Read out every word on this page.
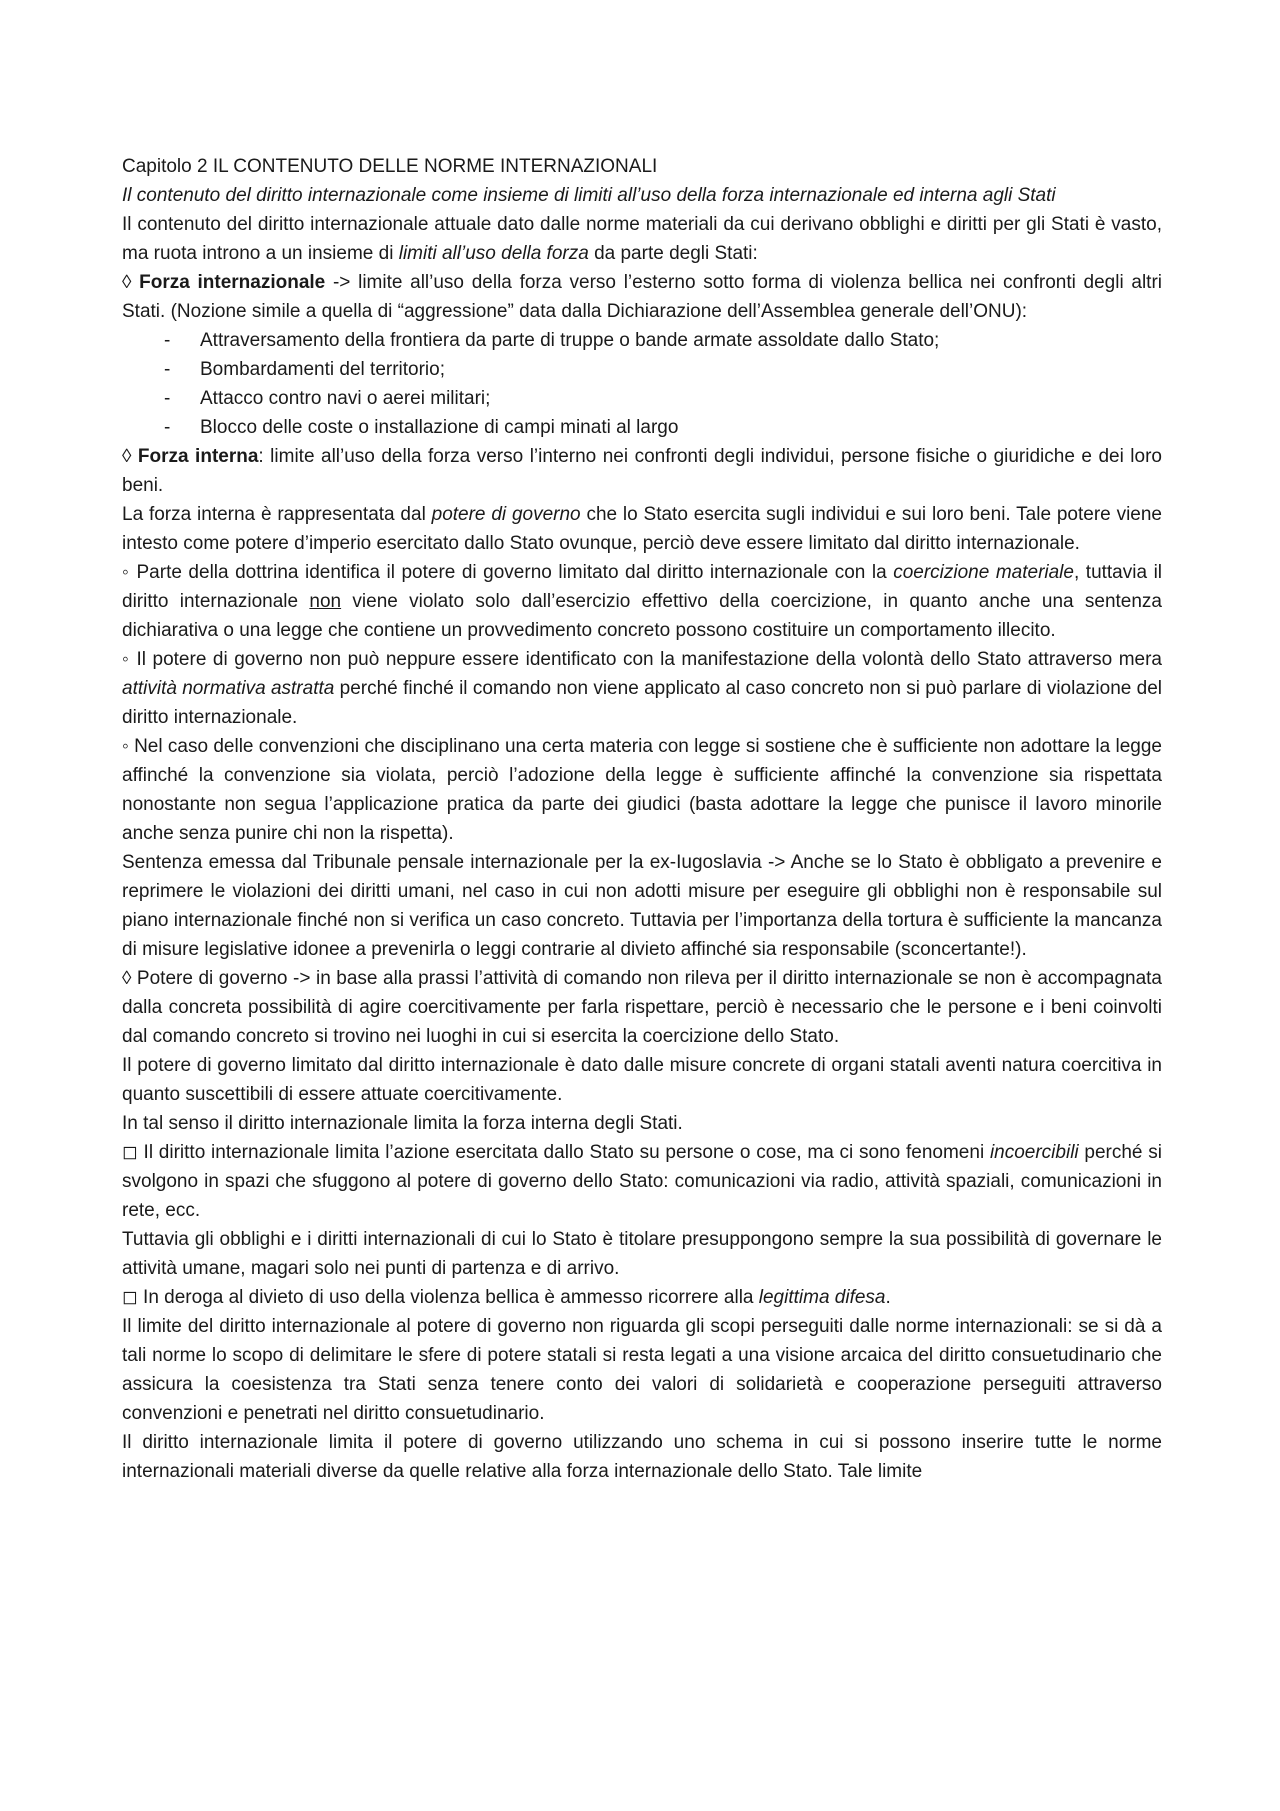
Capitolo 2 IL CONTENUTO DELLE NORME INTERNAZIONALI

Il contenuto del diritto internazionale come insieme di limiti all’uso della forza internazionale ed interna agli Stati

Il contenuto del diritto internazionale attuale dato dalle norme materiali da cui derivano obblighi e diritti per gli Stati è vasto, ma ruota introno a un insieme di limiti all’uso della forza da parte degli Stati:

◊ Forza internazionale -> limite all’uso della forza verso l’esterno sotto forma di violenza bellica nei confronti degli altri Stati. (Nozione simile a quella di “aggressione” data dalla Dichiarazione dell’Assemblea generale dell’ONU):

- Attraversamento della frontiera da parte di truppe o bande armate assoldate dallo Stato;
- Bombardamenti del territorio;
- Attacco contro navi o aerei militari;
- Blocco delle coste o installazione di campi minati al largo

◊ Forza interna: limite all’uso della forza verso l’interno nei confronti degli individui, persone fisiche o giuridiche e dei loro beni.

La forza interna è rappresentata dal potere di governo che lo Stato esercita sugli individui e sui loro beni. Tale potere viene intesto come potere d’imperio esercitato dallo Stato ovunque, perciò deve essere limitato dal diritto internazionale.

◦ Parte della dottrina identifica il potere di governo limitato dal diritto internazionale con la coercizione materiale, tuttavia il diritto internazionale non viene violato solo dall’esercizio effettivo della coercizione, in quanto anche una sentenza dichiarativa o una legge che contiene un provvedimento concreto possono costituire un comportamento illecito.

◦ Il potere di governo non può neppure essere identificato con la manifestazione della volontà dello Stato attraverso mera attività normativa astratta perché finché il comando non viene applicato al caso concreto non si può parlare di violazione del diritto internazionale.

◦ Nel caso delle convenzioni che disciplinano una certa materia con legge si sostiene che è sufficiente non adottare la legge affinché la convenzione sia violata, perciò l’adozione della legge è sufficiente affinché la convenzione sia rispettata nonostante non segua l’applicazione pratica da parte dei giudici (basta adottare la legge che punisce il lavoro minorile anche senza punire chi non la rispetta).

Sentenza emessa dal Tribunale pensale internazionale per la ex-Iugoslavia -> Anche se lo Stato è obbligato a prevenire e reprimere le violazioni dei diritti umani, nel caso in cui non adotti misure per eseguire gli obblighi non è responsabile sul piano internazionale finché non si verifica un caso concreto. Tuttavia per l’importanza della tortura è sufficiente la mancanza di misure legislative idonee a prevenirla o leggi contrarie al divieto affinché sia responsabile (sconcertante!).

◊ Potere di governo -> in base alla prassi l’attività di comando non rileva per il diritto internazionale se non è accompagnata dalla concreta possibilità di agire coercitivamente per farla rispettare, perciò è necessario che le persone e i beni coinvolti dal comando concreto si trovino nei luoghi in cui si esercita la coercizione dello Stato.

Il potere di governo limitato dal diritto internazionale è dato dalle misure concrete di organi statali aventi natura coercitiva in quanto suscettibili di essere attuate coercitivamente.

In tal senso il diritto internazionale limita la forza interna degli Stati.

◻ Il diritto internazionale limita l’azione esercitata dallo Stato su persone o cose, ma ci sono fenomeni incoercibili perché si svolgono in spazi che sfuggono al potere di governo dello Stato: comunicazioni via radio, attività spaziali, comunicazioni in rete, ecc.

Tuttavia gli obblighi e i diritti internazionali di cui lo Stato è titolare presuppongono sempre la sua possibilità di governare le attività umane, magari solo nei punti di partenza e di arrivo.

◻ In deroga al divieto di uso della violenza bellica è ammesso ricorrere alla legittima difesa.

Il limite del diritto internazionale al potere di governo non riguarda gli scopi perseguiti dalle norme internazionali: se si dà a tali norme lo scopo di delimitare le sfere di potere statali si resta legati a una visione arcaica del diritto consuetudinario che assicura la coesistenza tra Stati senza tenere conto dei valori di solidarietà e cooperazione perseguiti attraverso convenzioni e penetrati nel diritto consuetudinario.

Il diritto internazionale limita il potere di governo utilizzando uno schema in cui si possono inserire tutte le norme internazionali materiali diverse da quelle relative alla forza internazionale dello Stato. Tale limite
